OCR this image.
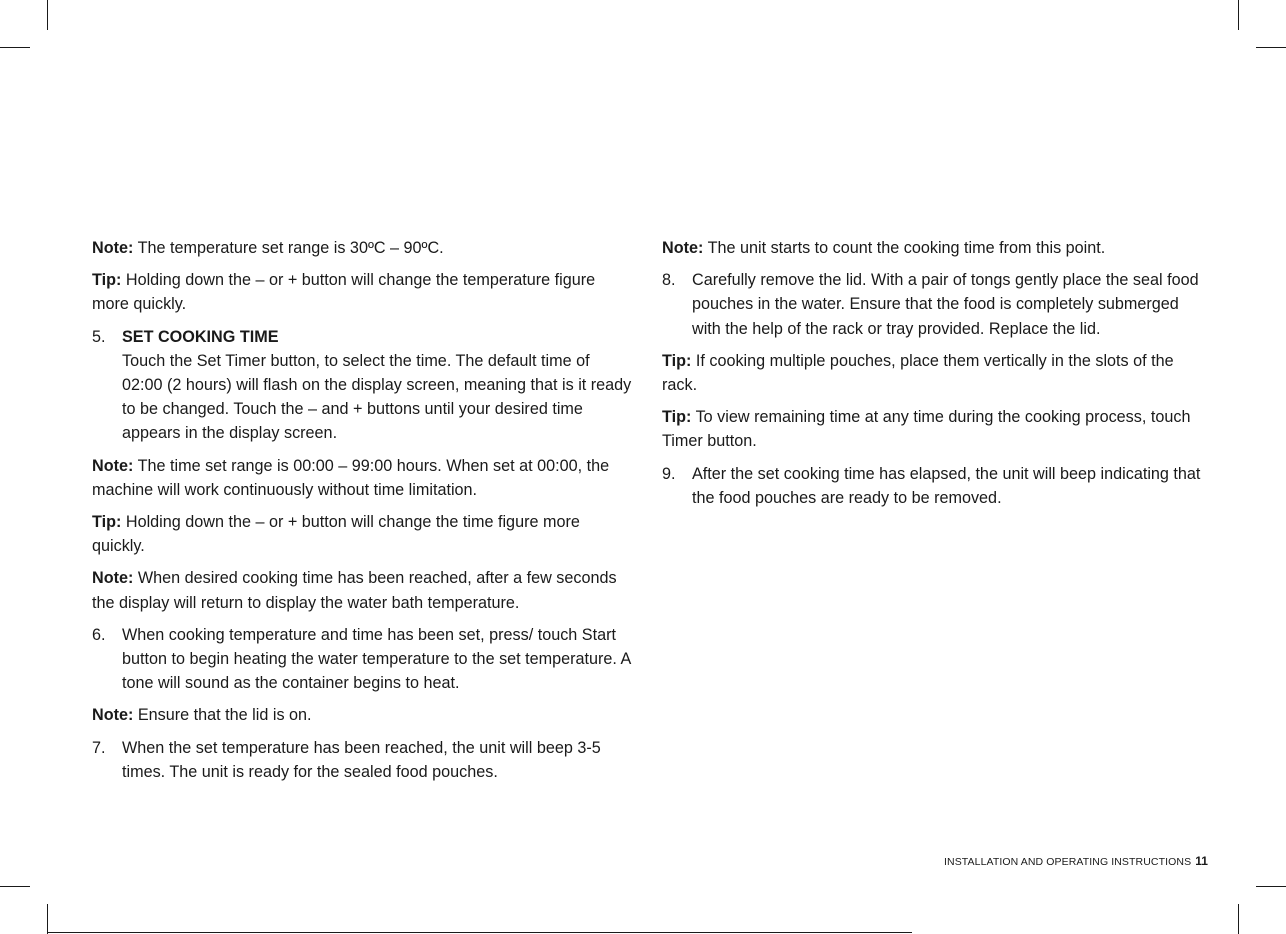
Note: The temperature set range is 30ºC – 90ºC.

Tip: Holding down the – or + button will change the temperature figure more quickly.

5.	SET COOKING TIME
Touch the Set Timer button, to select the time. The default time of 02:00 (2 hours) will flash on the display screen, meaning that is it ready to be changed. Touch the – and + buttons until your desired time appears in the display screen.

Note: The time set range is 00:00 – 99:00 hours. When set at 00:00, the machine will work continuously without time limitation.

Tip: Holding down the – or + button will change the time figure more quickly.

Note: When desired cooking time has been reached, after a few seconds the display will return to display the water bath temperature.

6.	When cooking temperature and time has been set, press/ touch Start button to begin heating the water temperature to the set temperature. A tone will sound as the container begins to heat.

Note: Ensure that the lid is on.

7.	When the set temperature has been reached, the unit will beep 3-5 times. The unit is ready for the sealed food pouches.

Note: The unit starts to count the cooking time from this point.

8.	Carefully remove the lid. With a pair of tongs gently place the seal food pouches in the water. Ensure that the food is completely submerged with the help of the rack or tray provided. Replace the lid.

Tip: If cooking multiple pouches, place them vertically in the slots of the rack.

Tip: To view remaining time at any time during the cooking process, touch Timer button.

9.	After the set cooking time has elapsed, the unit will beep indicating that the food pouches are ready to be removed.
INSTALLATION AND OPERATING INSTRUCTIONS 11
